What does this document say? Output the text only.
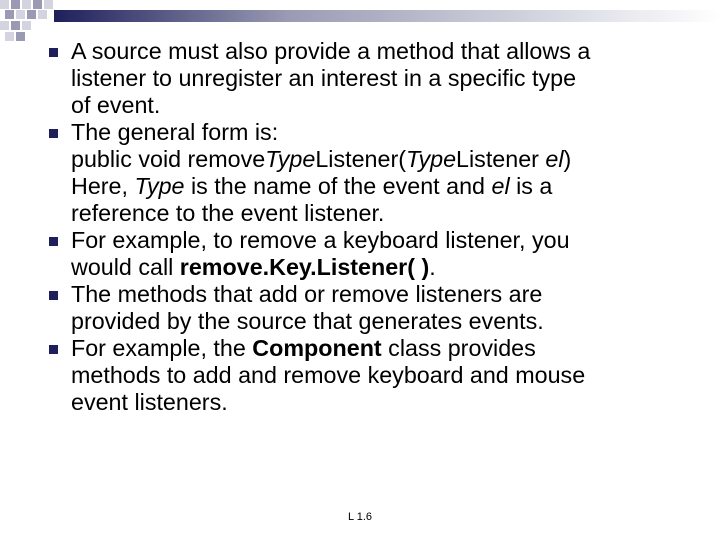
A source must also provide a method that allows a
listener to unregister an interest in a specific type
of event.
The general form is:
public void removeTypeListener(TypeListener el)
Here, Type is the name of the event and el is a
reference to the event listener.
For example, to remove a keyboard listener, you
would call remove.Key.Listener( ).
The methods that add or remove listeners are
provided by the source that generates events.
For example, the Component class provides
methods to add and remove keyboard and mouse
event listeners.
L 1.6
